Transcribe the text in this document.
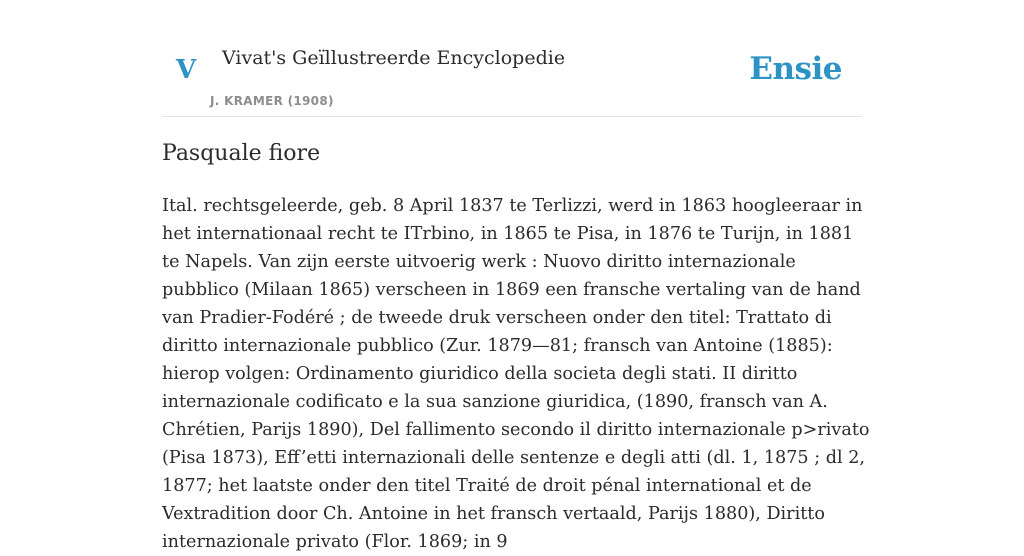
V Vivat's Geïllustreerde Encyclopedie
J. KRAMER (1908)
Ensie
Pasquale fiore

Ital. rechtsgeleerde, geb. 8 April 1837 te Terlizzi, werd in 1863 hoogleeraar in het internationaal recht te ITrbino, in 1865 te Pisa, in 1876 te Turijn, in 1881 te Napels. Van zijn eerste uitvoerig werk : Nuovo diritto internazionale pubblico (Milaan 1865) verscheen in 1869 een fransche vertaling van de hand van Pradier-Fodéré ; de tweede druk verscheen onder den titel: Trattato di diritto internazionale pubblico (Zur. 1879—81; fransch van Antoine (1885): hierop volgen: Ordinamento giuridico della societa degli stati. II diritto internazionale codificato e la sua sanzione giuridica, (1890, fransch van A. Chrétien, Parijs 1890), Del fallimento secondo il diritto internazionale p>rivato (Pisa 1873), Eff’etti internazionali delle sentenze e degli atti (dl. 1, 1875 ; dl 2, 1877; het laatste onder den titel Traité de droit pénal international et de Vextradition door Ch. Antoine in het fransch vertaald, Parijs 1880), Diritto internazionale privato (Flor. 1869; in 9
